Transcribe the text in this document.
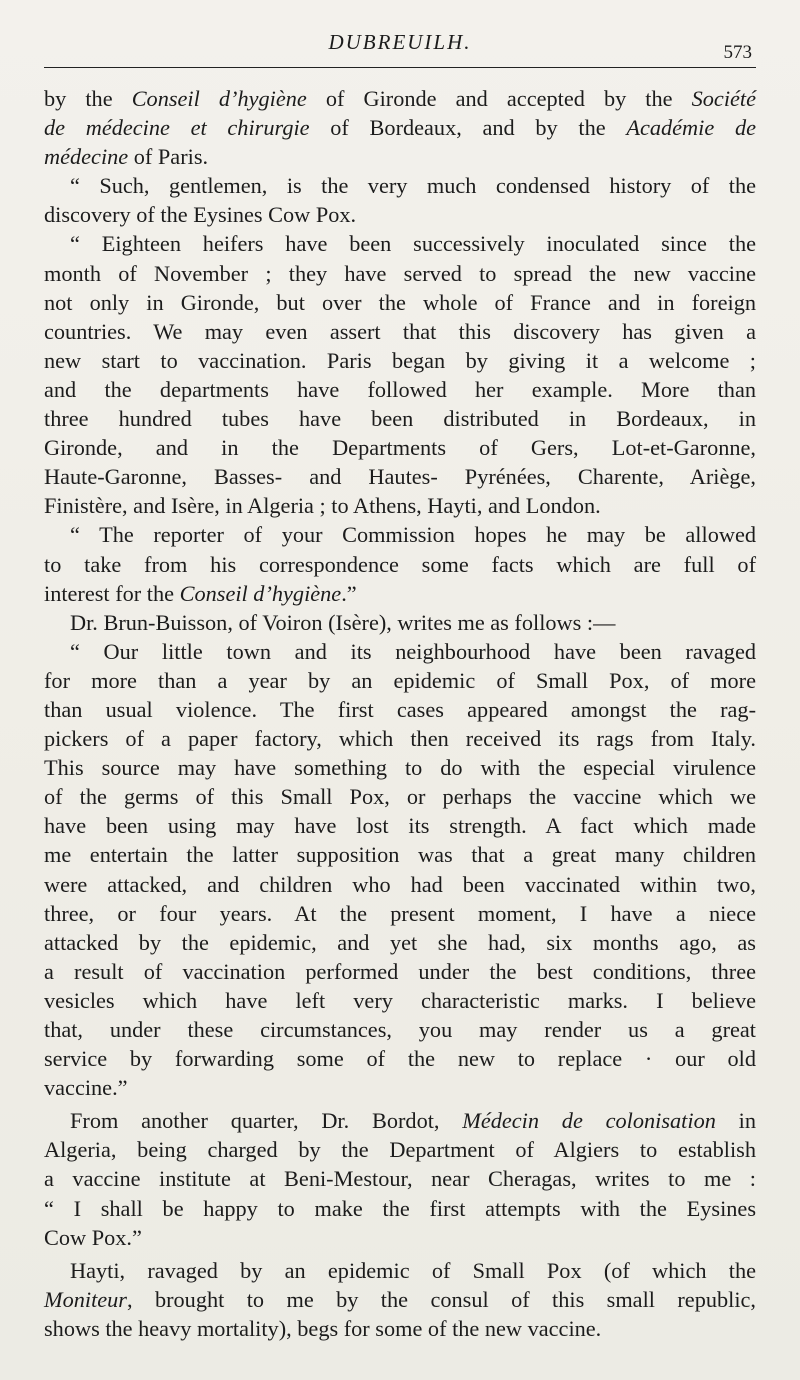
DUBREUILH.	573
by the Conseil d’hygiène of Gironde and accepted by the Société
de médecine et chirurgie of Bordeaux, and by the Académie de
médecine of Paris.
“ Such, gentlemen, is the very much condensed history of the
discovery of the Eysines Cow Pox.
“ Eighteen heifers have been successively inoculated since the
month of November ; they have served to spread the new vaccine
not only in Gironde, but over the whole of France and in foreign
countries. We may even assert that this discovery has given a
new start to vaccination. Paris began by giving it a welcome ;
and the departments have followed her example. More than
three hundred tubes have been distributed in Bordeaux, in
Gironde, and in the Departments of Gers, Lot-et-Garonne,
Haute-Garonne, Basses- and Hautes- Pyrénées, Charente, Ariège,
Finistère, and Isère, in Algeria ; to Athens, Hayti, and London.
“ The reporter of your Commission hopes he may be allowed
to take from his correspondence some facts which are full of
interest for the Conseil d’hygiène.”
Dr. Brun-Buisson, of Voiron (Isère), writes me as follows :—
“ Our little town and its neighbourhood have been ravaged
for more than a year by an epidemic of Small Pox, of more
than usual violence. The first cases appeared amongst the rag-
pickers of a paper factory, which then received its rags from Italy.
This source may have something to do with the especial virulence
of the germs of this Small Pox, or perhaps the vaccine which we
have been using may have lost its strength. A fact which made
me entertain the latter supposition was that a great many children
were attacked, and children who had been vaccinated within two,
three, or four years. At the present moment, I have a niece
attacked by the epidemic, and yet she had, six months ago, as
a result of vaccination performed under the best conditions, three
vesicles which have left very characteristic marks. I believe
that, under these circumstances, you may render us a great
service by forwarding some of the new to replace · our old
vaccine.”
From another quarter, Dr. Bordot, Médecin de colonisation in
Algeria, being charged by the Department of Algiers to establish
a vaccine institute at Beni-Mestour, near Cheragas, writes to me :
“ I shall be happy to make the first attempts with the Eysines
Cow Pox.”
Hayti, ravaged by an epidemic of Small Pox (of which the
Moniteur, brought to me by the consul of this small republic,
shows the heavy mortality), begs for some of the new vaccine.
